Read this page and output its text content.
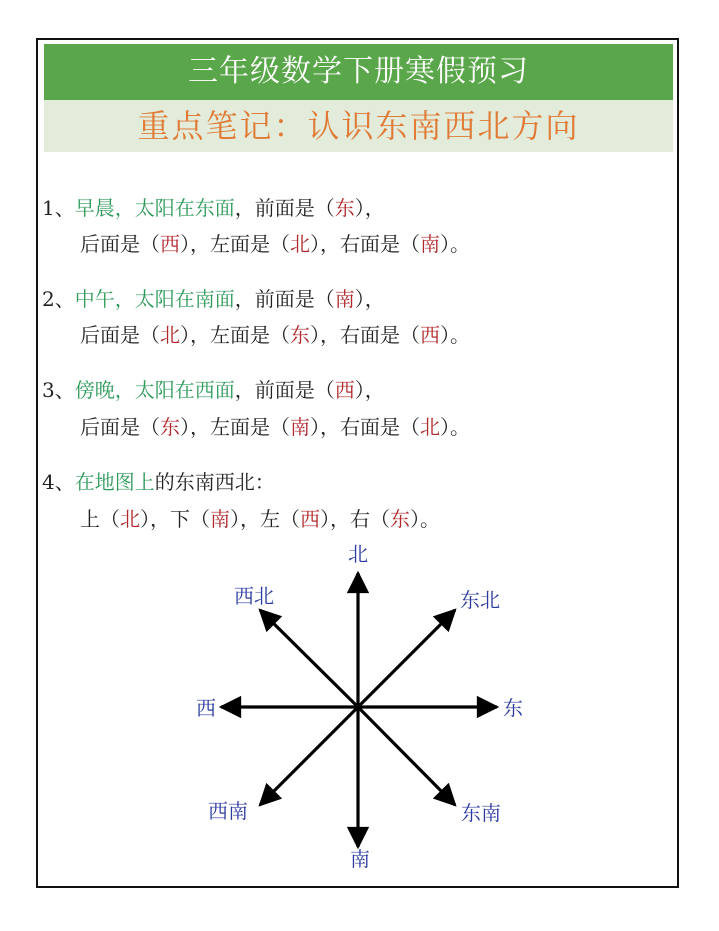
三年级数学下册寒假预习
重点笔记：认识东南西北方向
1、早晨，太阳在东面，前面是（东），
后面是（西），左面是（北），右面是（南）。
2、中午，太阳在南面，前面是（南），
后面是（北），左面是（东），右面是（西）。
3、傍晚，太阳在西面，前面是（西），
后面是（东），左面是（南），右面是（北）。
4、在地图上的东南西北：
上（北），下（南），左（西），右（东）。
北
东北
东
东南
南
西南
西
西北
